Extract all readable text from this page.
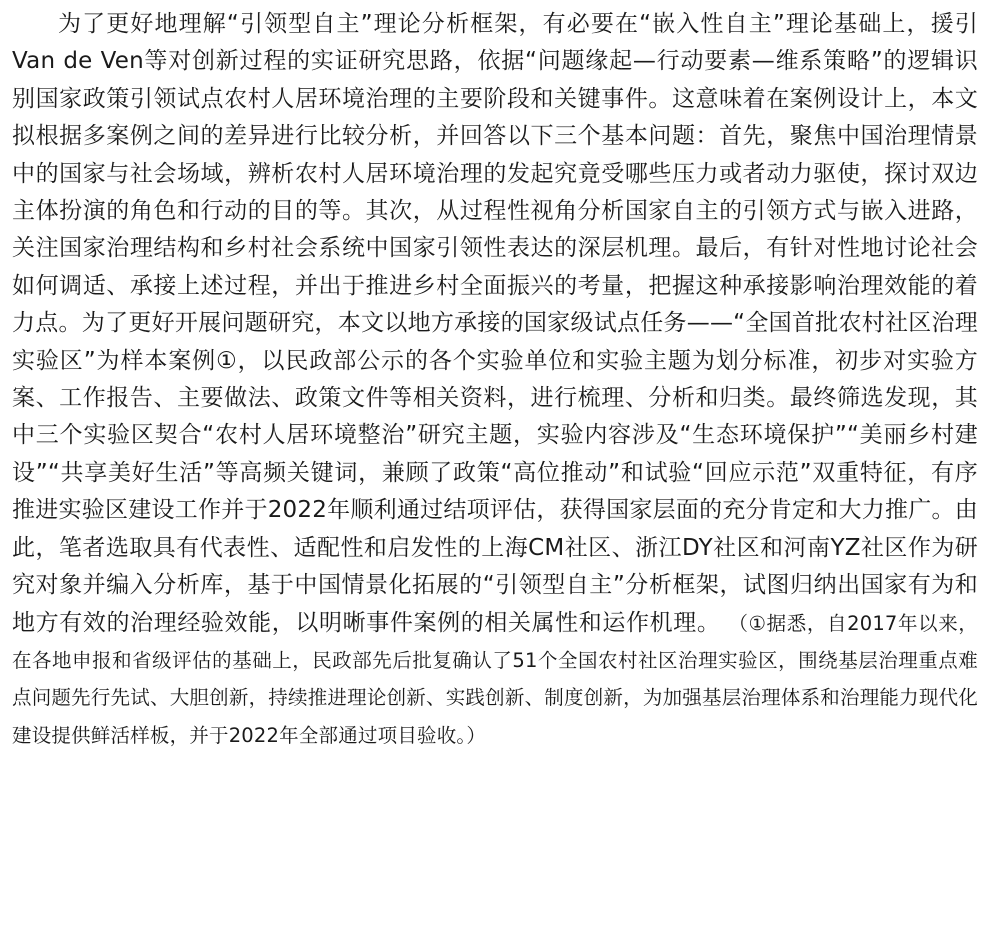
为了更好地理解“引领型自主”理论分析框架，有必要在“嵌入性自主”理论基础上，援引Van de Ven等对创新过程的实证研究思路，依据“问题缘起—行动要素—维系策略”的逻辑识别国家政策引领试点农村人居环境治理的主要阶段和关键事件。这意味着在案例设计上，本文拟根据多案例之间的差异进行比较分析，并回答以下三个基本问题：首先，聚焦中国治理情景中的国家与社会场域，辨析农村人居环境治理的发起究竟受哪些压力或者动力驱使，探讨双边主体扮演的角色和行动的目的等。其次，从过程性视角分析国家自主的引领方式与嵌入进路，关注国家治理结构和乡村社会系统中国家引领性表达的深层机理。最后，有针对性地讨论社会如何调适、承接上述过程，并出于推进乡村全面振兴的考量，把握这种承接影响治理效能的着力点。为了更好开展问题研究，本文以地方承接的国家级试点任务——“全国首批农村社区治理实验区”为样本案例①，以民政部公示的各个实验单位和实验主题为划分标准，初步对实验方案、工作报告、主要做法、政策文件等相关资料，进行梳理、分析和归类。最终筛选发现，其中三个实验区契合“农村人居环境整治”研究主题，实验内容涉及“生态环境保护”“美丽乡村建设”“共享美好生活”等高频关键词，兼顾了政策“高位推动”和试验“回应示范”双重特征，有序推进实验区建设工作并于2022年顺利通过结项评估，获得国家层面的充分肯定和大力推广。由此，笔者选取具有代表性、适配性和启发性的上海CM社区、浙江DY社区和河南YZ社区作为研究对象并编入分析库，基于中国情景化拓展的“引领型自主”分析框架，试图归纳出国家有为和地方有效的治理经验效能，以明晰事件案例的相关属性和运作机理。 （①据悉，自2017年以来，在各地申报和省级评估的基础上，民政部先后批复确认了51个全国农村社区治理实验区，围绕基层治理重点难点问题先行先试、大胆创新，持续推进理论创新、实践创新、制度创新，为加强基层治理体系和治理能力现代化建设提供鲜活样板，并于2022年全部通过项目验收。）
